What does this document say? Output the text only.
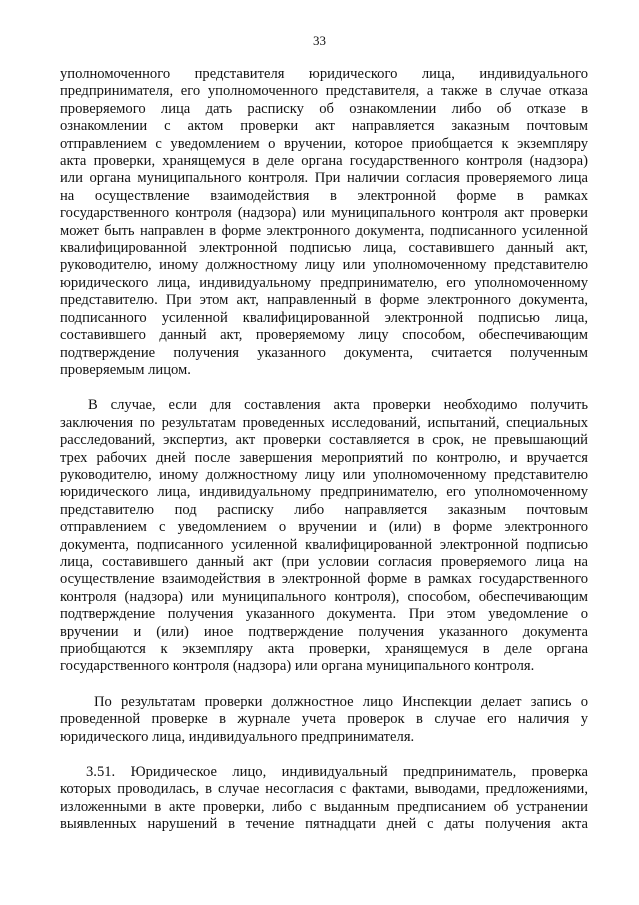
33

уполномоченного представителя юридического лица, индивидуального
предпринимателя, его уполномоченного представителя, а также в случае отказа
проверяемого лица дать расписку об ознакомлении либо об отказе в
ознакомлении с актом проверки акт направляется заказным почтовым
отправлением с уведомлением о вручении, которое приобщается к экземпляру
акта проверки, хранящемуся в деле органа государственного контроля (надзора)
или органа муниципального контроля. При наличии согласия проверяемого лица
на осуществление взаимодействия в электронной форме в рамках
государственного контроля (надзора) или муниципального контроля акт проверки
может быть направлен в форме электронного документа, подписанного усиленной
квалифицированной электронной подписью лица, составившего данный акт,
руководителю, иному должностному лицу или уполномоченному представителю
юридического лица, индивидуальному предпринимателю, его уполномоченному
представителю. При этом акт, направленный в форме электронного документа,
подписанного усиленной квалифицированной электронной подписью лица,
составившего данный акт, проверяемому лицу способом, обеспечивающим
подтверждение получения указанного документа, считается полученным
проверяемым лицом.

В случае, если для составления акта проверки необходимо получить
заключения по результатам проведенных исследований, испытаний, специальных
расследований, экспертиз, акт проверки составляется в срок, не превышающий
трех рабочих дней после завершения мероприятий по контролю, и вручается
руководителю, иному должностному лицу или уполномоченному представителю
юридического лица, индивидуальному предпринимателю, его уполномоченному
представителю под расписку либо направляется заказным почтовым
отправлением с уведомлением о вручении и (или) в форме электронного
документа, подписанного усиленной квалифицированной электронной подписью
лица, составившего данный акт (при условии согласия проверяемого лица на
осуществление взаимодействия в электронной форме в рамках государственного
контроля (надзора) или муниципального контроля), способом, обеспечивающим
подтверждение получения указанного документа. При этом уведомление о
вручении и (или) иное подтверждение получения указанного документа
приобщаются к экземпляру акта проверки, хранящемуся в деле органа
государственного контроля (надзора) или органа муниципального контроля.

По результатам проверки должностное лицо Инспекции делает запись о
проведенной проверке в журнале учета проверок в случае его наличия у
юридического лица, индивидуального предпринимателя.

3.51. Юридическое лицо, индивидуальный предприниматель, проверка
которых проводилась, в случае несогласия с фактами, выводами, предложениями,
изложенными в акте проверки, либо с выданным предписанием об устранении
выявленных нарушений в течение пятнадцати дней с даты получения акта
